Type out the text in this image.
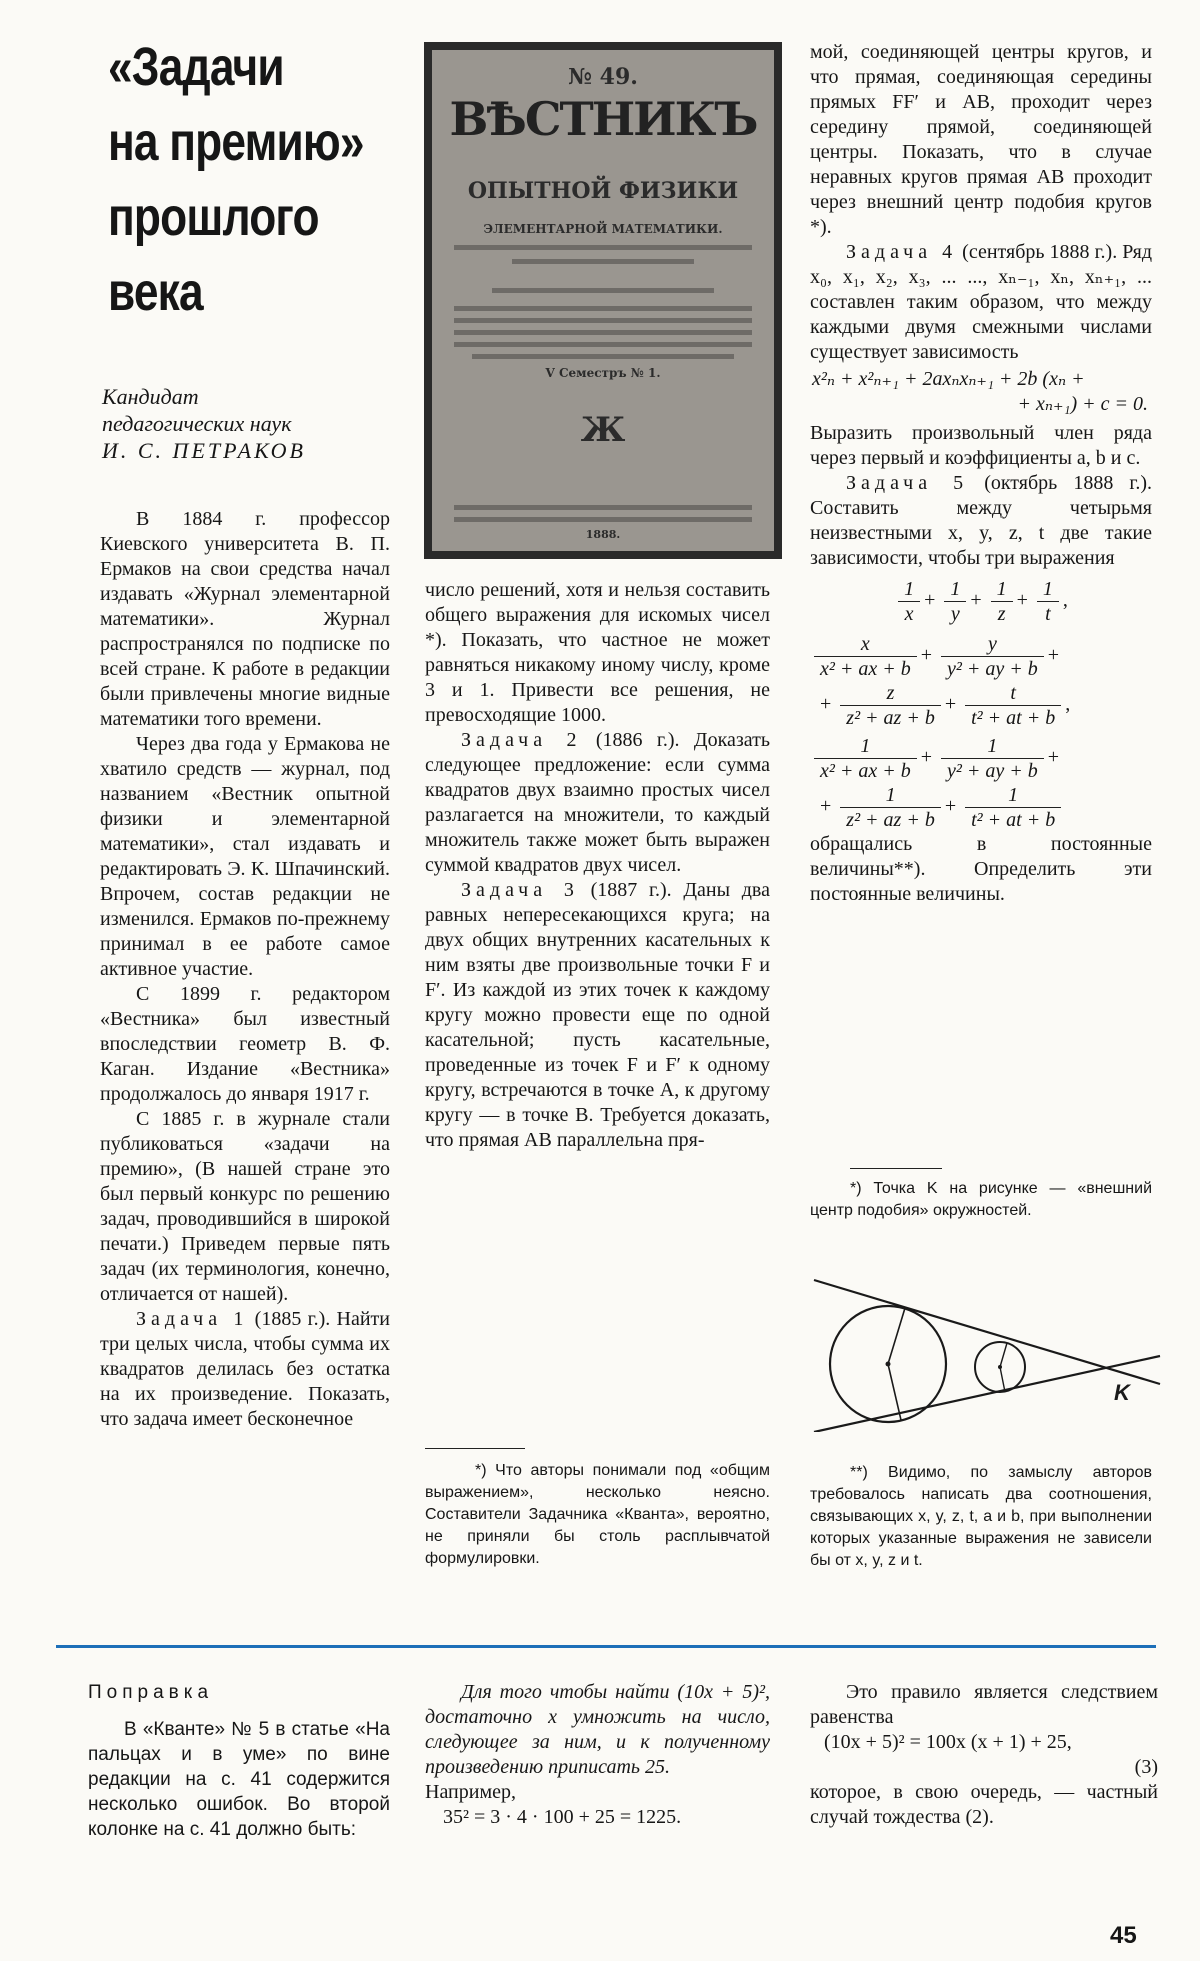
«Задачи
на премию»
прошлого
века
Кандидат
педагогических наук
И. С. ПЕТРАКОВ
№ 49.
ВѢСТНИКЪ
ОПЫТНОЙ ФИЗИКИ
ЭЛЕМЕНТАРНОЙ МАТЕМАТИКИ.
V Семестръ № 1.
Ж
1888.

В 1884 г. профессор Киевского университета В. П. Ермаков на свои средства начал издавать «Журнал элементарной математики». Журнал распространялся по подписке по всей стране. К работе в редакции были привлечены многие видные математики того времени.

Через два года у Ермакова не хватило средств — журнал, под названием «Вестник опытной физики и элементарной математики», стал издавать и редактировать Э. К. Шпачинский. Впрочем, состав редакции не изменился. Ермаков по-прежнему принимал в ее работе самое активное участие.

С 1899 г. редактором «Вестника» был известный впоследствии геометр В. Ф. Каган. Издание «Вестника» продолжалось до января 1917 г.

С 1885 г. в журнале стали публиковаться «задачи на премию», (В нашей стране это был первый конкурс по решению задач, проводившийся в широкой печати.) Приведем первые пять задач (их терминология, конечно, отличается от нашей).

Задача 1 (1885 г.). Найти три целых числа, чтобы сумма их квадратов делилась без остатка на их произведение. Показать, что задача имеет бесконечное

число решений, хотя и нельзя составить общего выражения для искомых чисел *). Показать, что частное не может равняться никакому иному числу, кроме 3 и 1. Привести все решения, не превосходящие 1000.

Задача 2 (1886 г.). Доказать следующее предложение: если сумма квадратов двух взаимно простых чисел разлагается на множители, то каждый множитель также может быть выражен суммой квадратов двух чисел.

Задача 3 (1887 г.). Даны два равных непересекающихся круга; на двух общих внутренних касательных к ним взяты две произвольные точки F и F′. Из каждой из этих точек к каждому кругу можно провести еще по одной касательной; пусть касательные, проведенные из точек F и F′ к одному кругу, встречаются в точке A, к другому кругу — в точке B. Требуется доказать, что прямая AB параллельна пря-

*) Что авторы понимали под «общим выражением», несколько неясно. Составители Задачника «Кванта», вероятно, не приняли бы столь расплывчатой формулировки.

мой, соединяющей центры кругов, и что прямая, соединяющая середины прямых FF′ и AB, проходит через середину прямой, соединяющей центры. Показать, что в случае неравных кругов прямая AB проходит через внешний центр подобия кругов *).

Задача 4 (сентябрь 1888 г.). Ряд x₀, x₁, x₂, x₃, ... ..., xₙ₋₁, xₙ, xₙ₊₁, ... составлен таким образом, что между каждыми двумя смежными числами существует зависимость

x²ₙ + x²ₙ₊₁ + 2axₙxₙ₊₁ + 2b (xₙ +
+ xₙ₊₁) + c = 0.

Выразить произвольный член ряда через первый и коэффициенты a, b и c.

Задача 5 (октябрь 1888 г.). Составить между четырьмя неизвестными x, y, z, t две такие зависимости, чтобы три выражения

$\frac{1}{x} + \frac{1}{y} + \frac{1}{z} + \frac{1}{t}$ ,
$\frac{x}{\text{x² + ax + b}} + \frac{y}{\text{y² + ay + b}}$ +
+ $\frac{z}{\text{z² + az + b}} + \frac{t}{\text{t² + at + b}}$ ,
$\frac{1}{\text{x² + ax + b}} + \frac{1}{\text{y² + ay + b}}$ +
+ $\frac{1}{\text{z² + az + b}} + \frac{1}{\text{t² + at + b}}$

обращались в постоянные величины**). Определить эти постоянные величины.

*) Точка K на рисунке — «внешний центр подобия» окружностей.
K
**) Видимо, по замыслу авторов требовалось написать два соотношения, связывающих x, y, z, t, a и b, при выполнении которых указанные выражения не зависели бы от x, y, z и t.

Поправка

В «Кванте» № 5 в статье «На пальцах и в уме» по вине редакции на с. 41 содержится несколько ошибок. Во второй колонке на с. 41 должно быть:

Для того чтобы найти (10x + 5)², достаточно x умножить на число, следующее за ним, и к полученному произведению приписать 25.

Например,

35² = 3 · 4 · 100 + 25 = 1225.

Это правило является следствием равенства

(10x + 5)² = 100x (x + 1) + 25,

(3)

которое, в свою очередь, — частный случай тождества (2).

45
